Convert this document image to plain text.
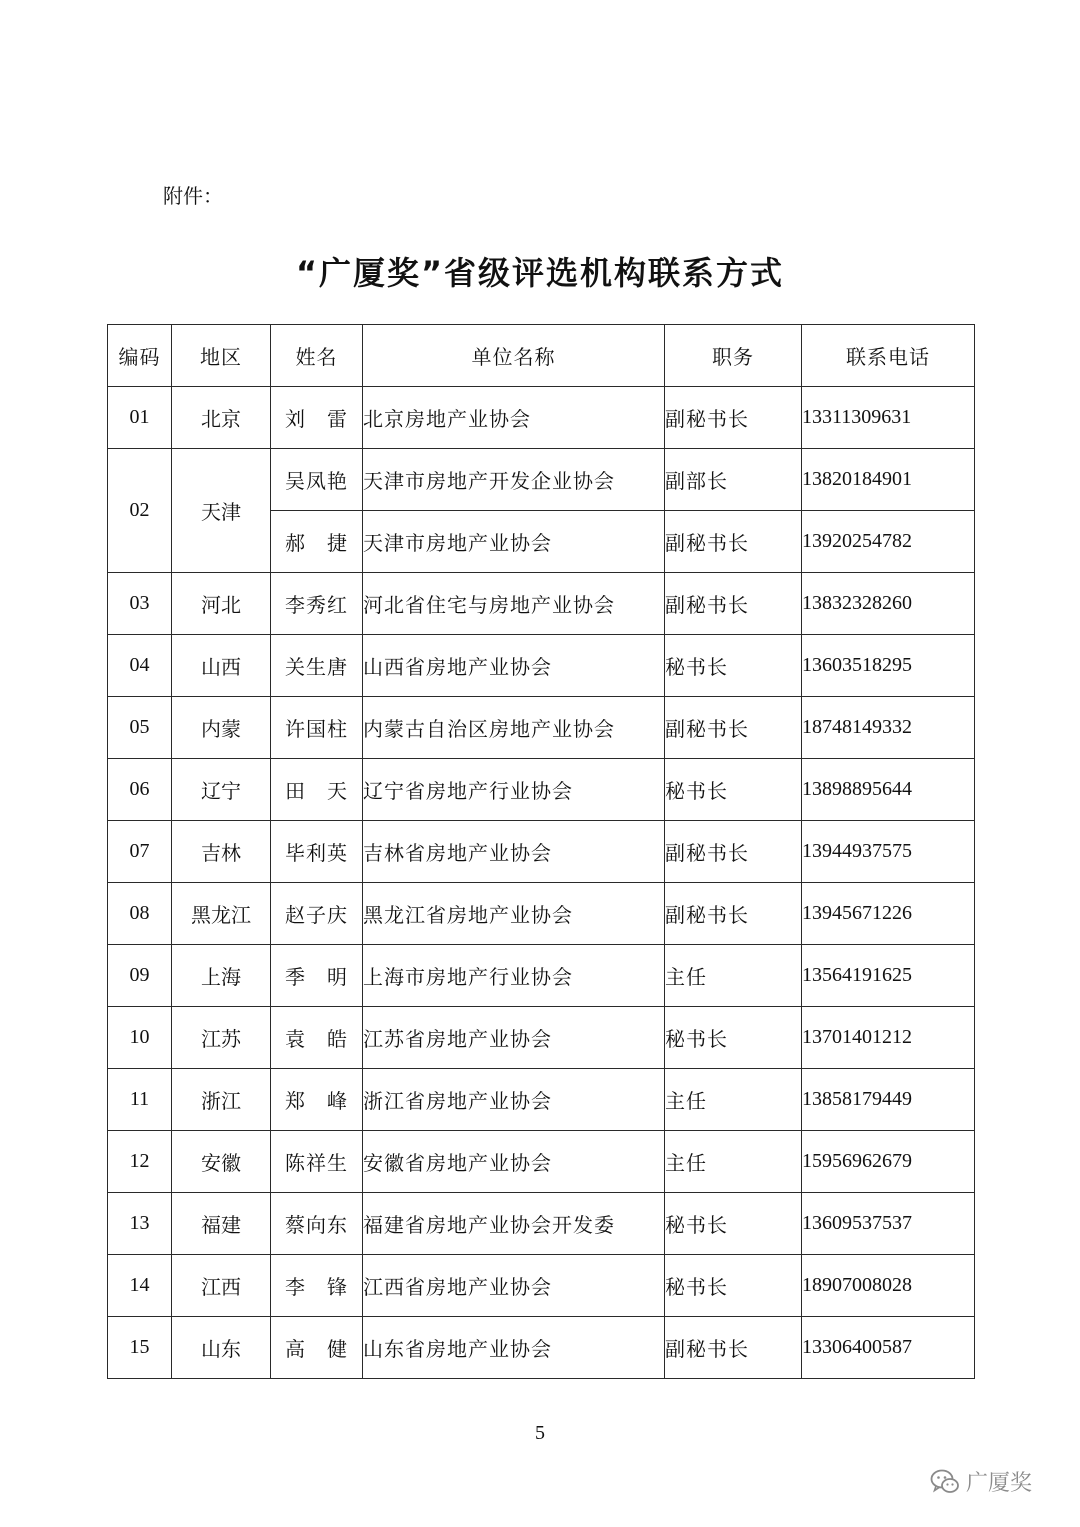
附件：
“广厦奖”省级评选机构联系方式
编码	地区	姓名	单位名称	职务	联系电话
01	北京	刘　雷	北京房地产业协会	副秘书长	13311309631
02	天津	吴凤艳	天津市房地产开发企业协会	副部长	13820184901
		郝　捷	天津市房地产业协会	副秘书长	13920254782
03	河北	李秀红	河北省住宅与房地产业协会	副秘书长	13832328260
04	山西	关生唐	山西省房地产业协会	秘书长	13603518295
05	内蒙	许国柱	内蒙古自治区房地产业协会	副秘书长	18748149332
06	辽宁	田　天	辽宁省房地产行业协会	秘书长	13898895644
07	吉林	毕利英	吉林省房地产业协会	副秘书长	13944937575
08	黑龙江	赵子庆	黑龙江省房地产业协会	副秘书长	13945671226
09	上海	季　明	上海市房地产行业协会	主任	13564191625
10	江苏	袁　皓	江苏省房地产业协会	秘书长	13701401212
11	浙江	郑　峰	浙江省房地产业协会	主任	13858179449
12	安徽	陈祥生	安徽省房地产业协会	主任	15956962679
13	福建	蔡向东	福建省房地产业协会开发委	秘书长	13609537537
14	江西	李　锋	江西省房地产业协会	秘书长	18907008028
15	山东	高　健	山东省房地产业协会	副秘书长	13306400587
5
广厦奖
